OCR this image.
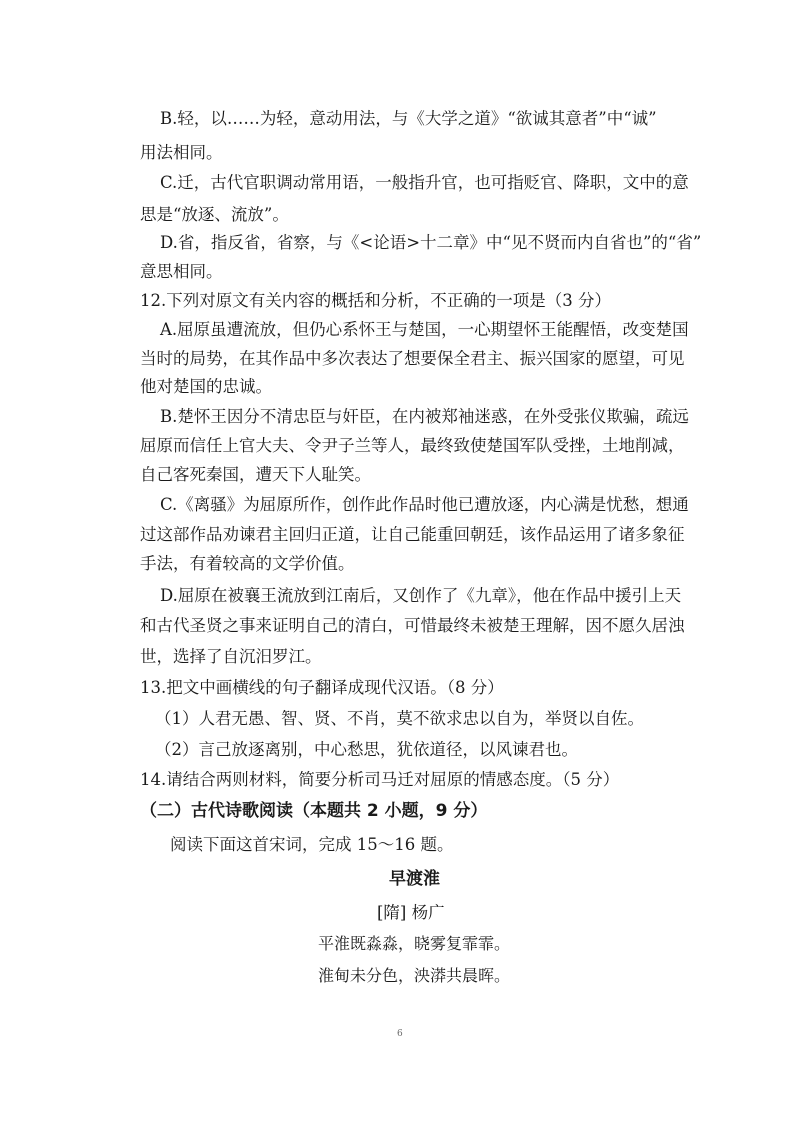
B.轻，以……为轻，意动用法，与《大学之道》“欲诚其意者”中“诚”
用法相同。
C.迁，古代官职调动常用语，一般指升官，也可指贬官、降职，文中的意
思是“放逐、流放”。
D.省，指反省，省察，与《<论语>十二章》中“见不贤而内自省也”的“省”
意思相同。
12.下列对原文有关内容的概括和分析，不正确的一项是（3 分）
A.屈原虽遭流放，但仍心系怀王与楚国，一心期望怀王能醒悟，改变楚国
当时的局势，在其作品中多次表达了想要保全君主、振兴国家的愿望，可见
他对楚国的忠诚。
B.楚怀王因分不清忠臣与奸臣，在内被郑袖迷惑，在外受张仪欺骗，疏远
屈原而信任上官大夫、令尹子兰等人，最终致使楚国军队受挫，土地削减，
自己客死秦国，遭天下人耻笑。
C.《离骚》为屈原所作，创作此作品时他已遭放逐，内心满是忧愁，想通
过这部作品劝谏君主回归正道，让自己能重回朝廷，该作品运用了诸多象征
手法，有着较高的文学价值。
D.屈原在被襄王流放到江南后，又创作了《九章》，他在作品中援引上天
和古代圣贤之事来证明自己的清白，可惜最终未被楚王理解，因不愿久居浊
世，选择了自沉汨罗江。
13.把文中画横线的句子翻译成现代汉语。（8 分）
（1）人君无愚、智、贤、不肖，莫不欲求忠以自为，举贤以自佐。
（2）言己放逐离别，中心愁思，犹依道径，以风谏君也。
14.请结合两则材料，简要分析司马迁对屈原的情感态度。（5 分）
（二）古代诗歌阅读（本题共 2 小题，9 分）
阅读下面这首宋词，完成 15～16 题。
早渡淮
[隋] 杨广
平淮既淼淼，晓雾复霏霏。
淮甸未分色，泱漭共晨晖。
6
